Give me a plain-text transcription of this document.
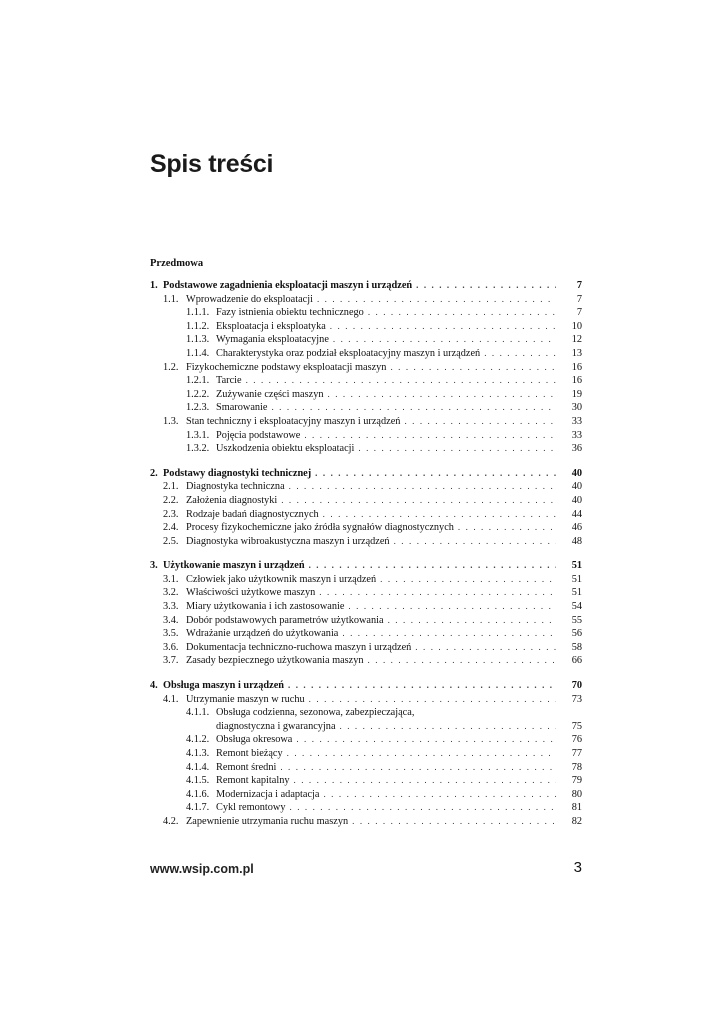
Spis treści
Przedmowa
1. Podstawowe zagadnienia eksploatacji maszyn i urządzeń . . .	7
1.1. Wprowadzenie do eksploatacji . . .	7
1.1.1. Fazy istnienia obiektu technicznego . . .	7
1.1.2. Eksploatacja i eksploatyka . . .	10
1.1.3. Wymagania eksploatacyjne . . .	12
1.1.4. Charakterystyka oraz podział eksploatacyjny maszyn i urządzeń . . .	13
1.2. Fizykochemiczne podstawy eksploatacji maszyn . . .	16
1.2.1. Tarcie . . .	16
1.2.2. Zużywanie części maszyn . . .	19
1.2.3. Smarowanie . . .	30
1.3. Stan techniczny i eksploatacyjny maszyn i urządzeń . . .	33
1.3.1. Pojęcia podstawowe . . .	33
1.3.2. Uszkodzenia obiektu eksploatacji . . .	36
2. Podstawy diagnostyki technicznej . . .	40
2.1. Diagnostyka techniczna . . .	40
2.2. Założenia diagnostyki . . .	40
2.3. Rodzaje badań diagnostycznych . . .	44
2.4. Procesy fizykochemiczne jako źródła sygnałów diagnostycznych . . .	46
2.5. Diagnostyka wibroakustyczna maszyn i urządzeń . . .	48
3. Użytkowanie maszyn i urządzeń . . .	51
3.1. Człowiek jako użytkownik maszyn i urządzeń . . .	51
3.2. Właściwości użytkowe maszyn . . .	51
3.3. Miary użytkowania i ich zastosowanie . . .	54
3.4. Dobór podstawowych parametrów użytkowania . . .	55
3.5. Wdrażanie urządzeń do użytkowania . . .	56
3.6. Dokumentacja techniczno-ruchowa maszyn i urządzeń . . .	58
3.7. Zasady bezpiecznego użytkowania maszyn . . .	66
4. Obsługa maszyn i urządzeń . . .	70
4.1. Utrzymanie maszyn w ruchu . . .	73
4.1.1. Obsługa codzienna, sezonowa, zabezpieczająca,
diagnostyczna i gwarancyjna . . .	75
4.1.2. Obsługa okresowa . . .	76
4.1.3. Remont bieżący . . .	77
4.1.4. Remont średni . . .	78
4.1.5. Remont kapitalny . . .	79
4.1.6. Modernizacja i adaptacja . . .	80
4.1.7. Cykl remontowy . . .	81
4.2. Zapewnienie utrzymania ruchu maszyn . . .	82
www.wsip.com.pl	3
